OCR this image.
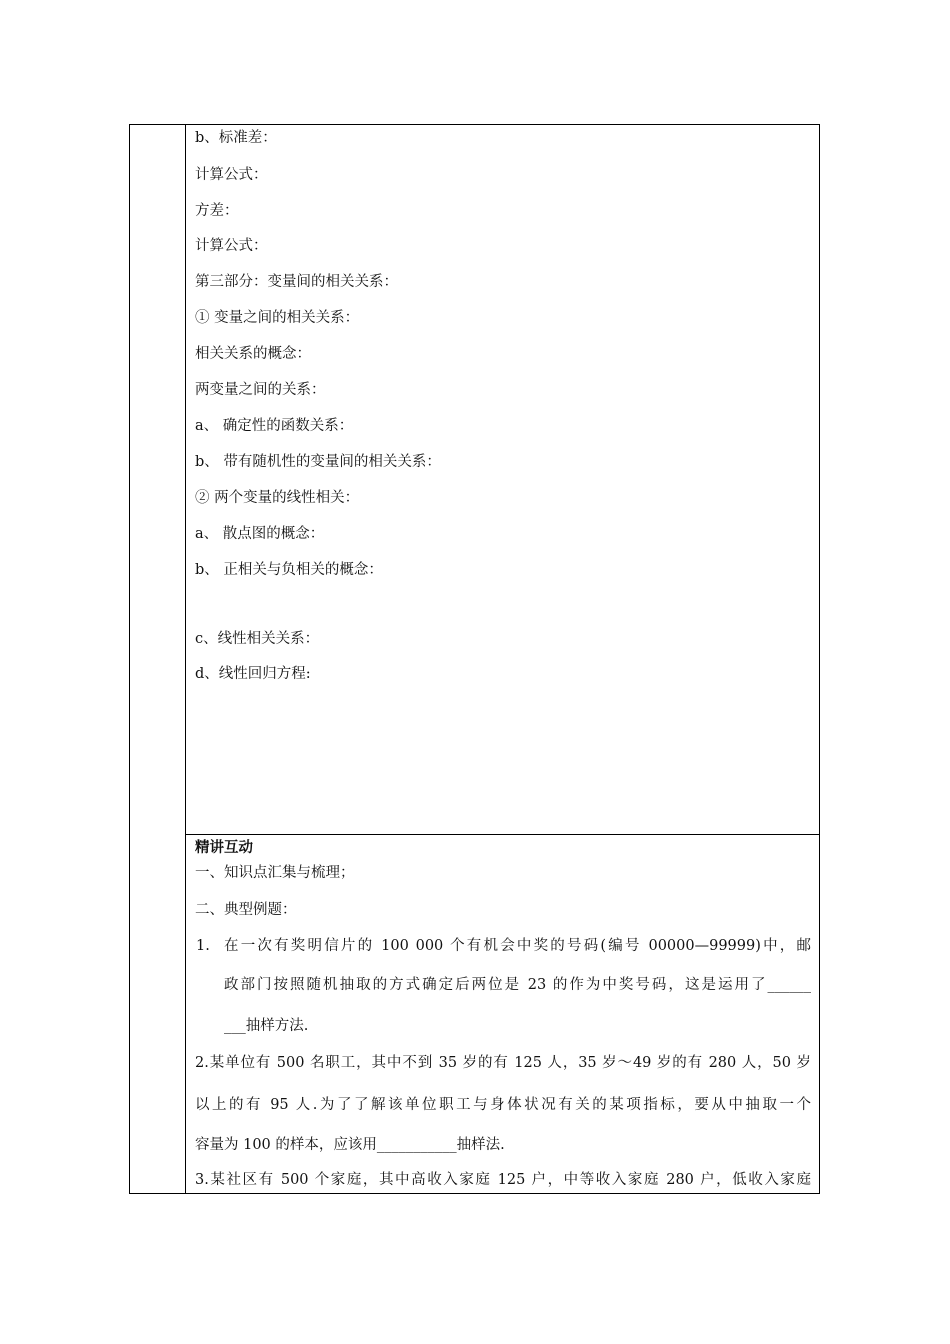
b、标准差：
计算公式：
方差：
计算公式：
第三部分：变量间的相关关系：
① 变量之间的相关关系：
相关关系的概念：
两变量之间的关系：
a、 确定性的函数关系：
b、 带有随机性的变量间的相关关系：
② 两个变量的线性相关：
a、 散点图的概念：
b、 正相关与负相关的概念：
c、线性相关关系：
d、线性回归方程:
精讲互动
一、知识点汇集与梳理；
二、典型例题：
1. 在一次有奖明信片的 100 000 个有机会中奖的号码(编号 00000—99999)中，邮
政部门按照随机抽取的方式确定后两位是 23 的作为中奖号码，这是运用了______
___抽样方法.
2.某单位有 500 名职工，其中不到 35 岁的有 125 人，35 岁～49 岁的有 280 人，50 岁
以上的有 95 人.为了了解该单位职工与身体状况有关的某项指标，要从中抽取一个
容量为 100 的样本，应该用___________抽样法.
3.某社区有 500 个家庭，其中高收入家庭 125 户，中等收入家庭 280 户，低收入家庭
